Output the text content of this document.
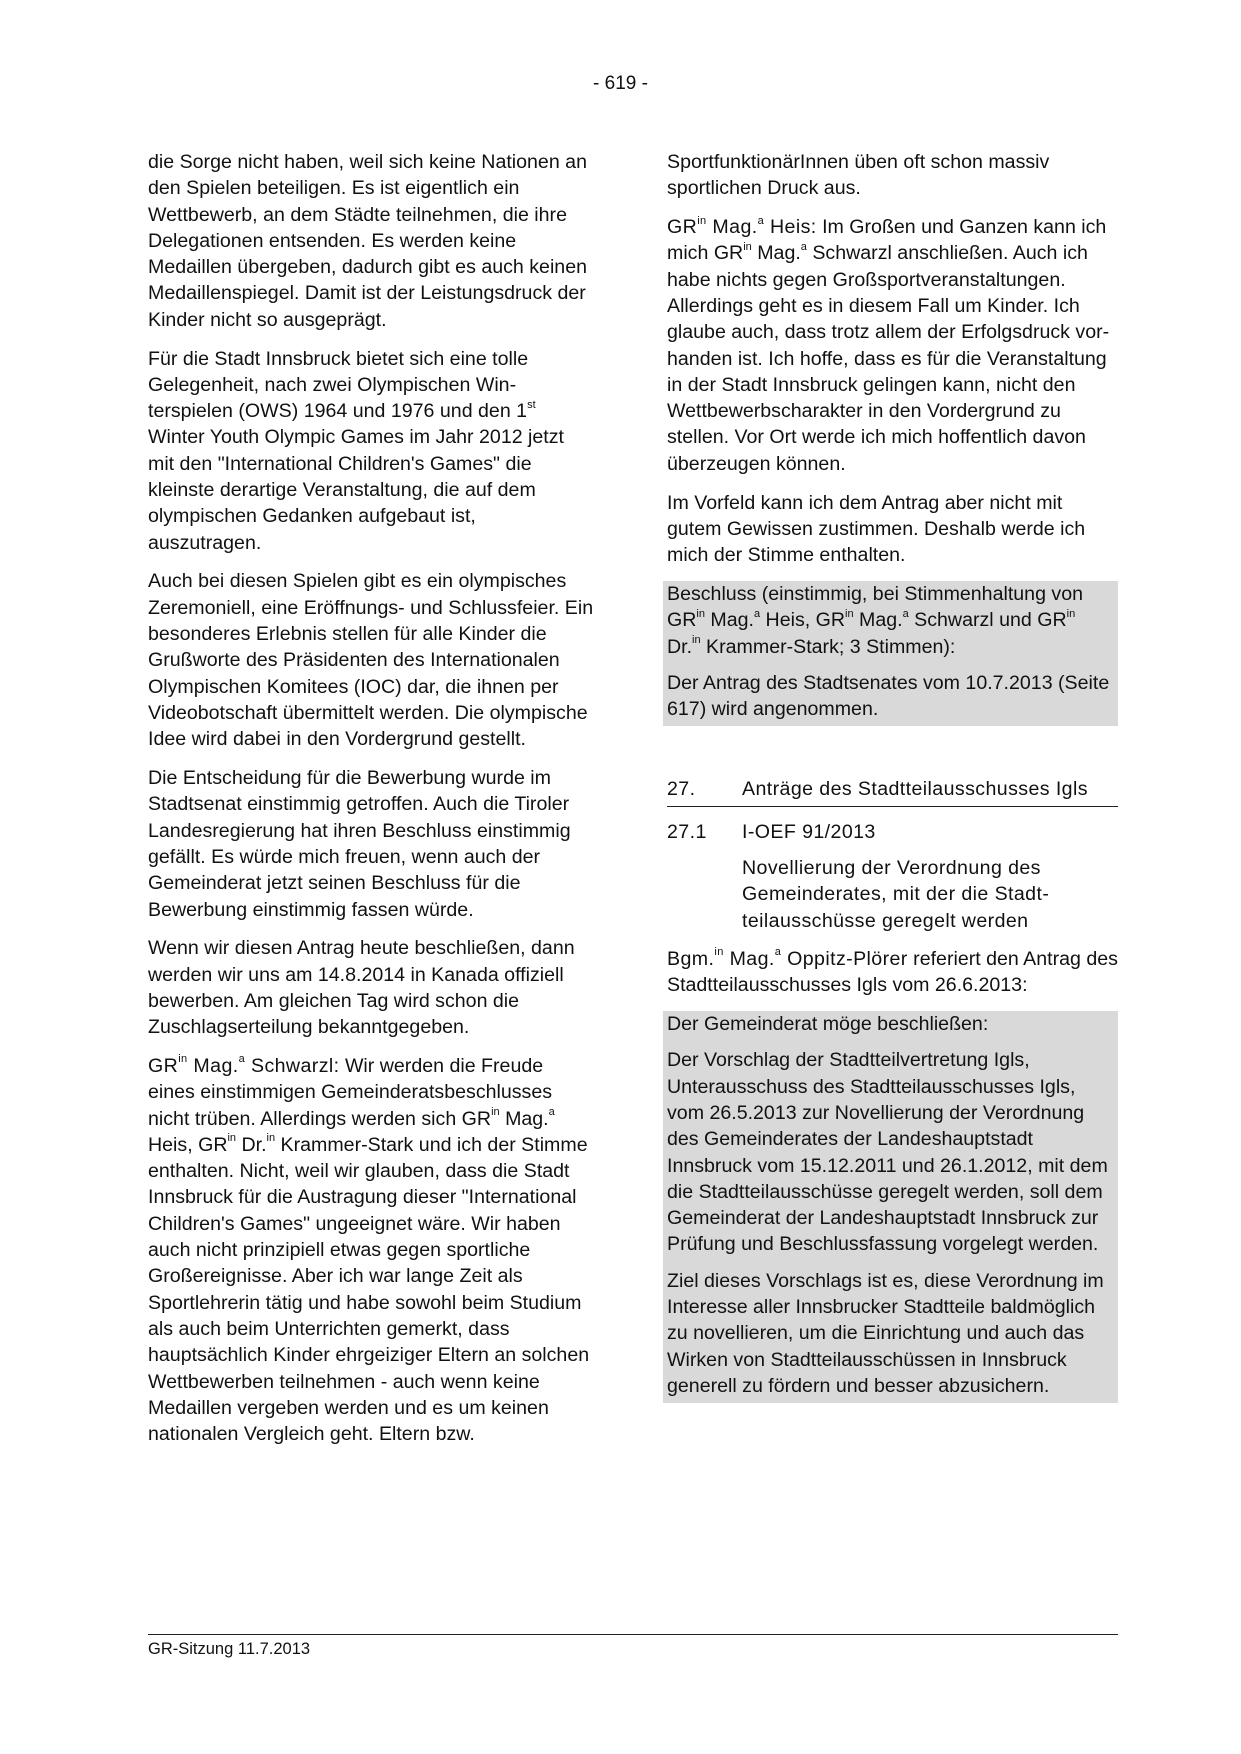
- 619 -

die Sorge nicht haben, weil sich keine Nationen an den Spielen beteiligen. Es ist eigentlich ein Wettbewerb, an dem Städte teilnehmen, die ihre Delegationen entsenden. Es werden keine Medaillen übergeben, dadurch gibt es auch keinen Medaillenspiegel. Damit ist der Leistungsdruck der Kinder nicht so ausgeprägt.

Für die Stadt Innsbruck bietet sich eine tolle Gelegenheit, nach zwei Olympischen Winterspielen (OWS) 1964 und 1976 und den 1st Winter Youth Olympic Games im Jahr 2012 jetzt mit den "International Children's Games" die kleinste derartige Veranstaltung, die auf dem olympischen Gedanken aufgebaut ist, auszutragen.

Auch bei diesen Spielen gibt es ein olympisches Zeremoniell, eine Eröffnungs- und Schlussfeier. Ein besonderes Erlebnis stellen für alle Kinder die Grußworte des Präsidenten des Internationalen Olympischen Komitees (IOC) dar, die ihnen per Videobotschaft übermittelt werden. Die olympische Idee wird dabei in den Vordergrund gestellt.

Die Entscheidung für die Bewerbung wurde im Stadtsenat einstimmig getroffen. Auch die Tiroler Landesregierung hat ihren Beschluss einstimmig gefällt. Es würde mich freuen, wenn auch der Gemeinderat jetzt seinen Beschluss für die Bewerbung einstimmig fassen würde.

Wenn wir diesen Antrag heute beschließen, dann werden wir uns am 14.8.2014 in Kanada offiziell bewerben. Am gleichen Tag wird schon die Zuschlagserteilung bekanntgegeben.

$GR^{in}$ Mag.$^a$ Schwarzl: Wir werden die Freude eines einstimmigen Gemeinderatsbeschlusses nicht trüben. Allerdings werden sich $GR^{in}$ Mag.$^a$ Heis, $GR^{in}$ Dr.$^{in}$ Krammer-Stark und ich der Stimme enthalten. Nicht, weil wir glauben, dass die Stadt Innsbruck für die Austragung dieser "International Children's Games" ungeeignet wäre. Wir haben auch nicht prinzipiell etwas gegen sportliche Großereignisse. Aber ich war lange Zeit als Sportlehrerin tätig und habe sowohl beim Studium als auch beim Unterrichten gemerkt, dass hauptsächlich Kinder ehrgeiziger Eltern an solchen Wettbewerben teilnehmen - auch wenn keine Medaillen vergeben werden und es um keinen nationalen Vergleich geht. Eltern bzw.

SportfunktionärInnen üben oft schon massiv sportlichen Druck aus.

$GR^{in}$ Mag.$^a$ Heis: Im Großen und Ganzen kann ich mich $GR^{in}$ Mag.$^a$ Schwarzl anschließen. Auch ich habe nichts gegen Großsportveranstaltungen. Allerdings geht es in diesem Fall um Kinder. Ich glaube auch, dass trotz allem der Erfolgsdruck vorhanden ist. Ich hoffe, dass es für die Veranstaltung in der Stadt Innsbruck gelingen kann, nicht den Wettbewerbscharakter in den Vordergrund zu stellen. Vor Ort werde ich mich hoffentlich davon überzeugen können.

Im Vorfeld kann ich dem Antrag aber nicht mit gutem Gewissen zustimmen. Deshalb werde ich mich der Stimme enthalten.

Beschluss (einstimmig, bei Stimmenhaltung von $GR^{in}$ Mag.$^a$ Heis, $GR^{in}$ Mag.$^a$ Schwarzl und $GR^{in}$ Dr.$^{in}$ Krammer-Stark; 3 Stimmen):

Der Antrag des Stadtsenates vom 10.7.2013 (Seite 617) wird angenommen.

27.	Anträge des Stadtteilausschusses Igls
27.1	I-OEF 91/2013
Novellierung der Verordnung des Gemeinderates, mit der die Stadtteilausschüsse geregelt werden

Bgm.$^{in}$ Mag.$^a$ Oppitz-Plörer referiert den Antrag des Stadtteilausschusses Igls vom 26.6.2013:

Der Gemeinderat möge beschließen:

Der Vorschlag der Stadtteilvertretung Igls, Unterausschuss des Stadtteilausschusses Igls, vom 26.5.2013 zur Novellierung der Verordnung des Gemeinderates der Landeshauptstadt Innsbruck vom 15.12.2011 und 26.1.2012, mit dem die Stadtteilausschüsse geregelt werden, soll dem Gemeinderat der Landeshauptstadt Innsbruck zur Prüfung und Beschlussfassung vorgelegt werden.

Ziel dieses Vorschlags ist es, diese Verordnung im Interesse aller Innsbrucker Stadtteile baldmöglich zu novellieren, um die Einrichtung und auch das Wirken von Stadtteilausschüssen in Innsbruck generell zu fördern und besser abzusichern.

GR-Sitzung 11.7.2013
